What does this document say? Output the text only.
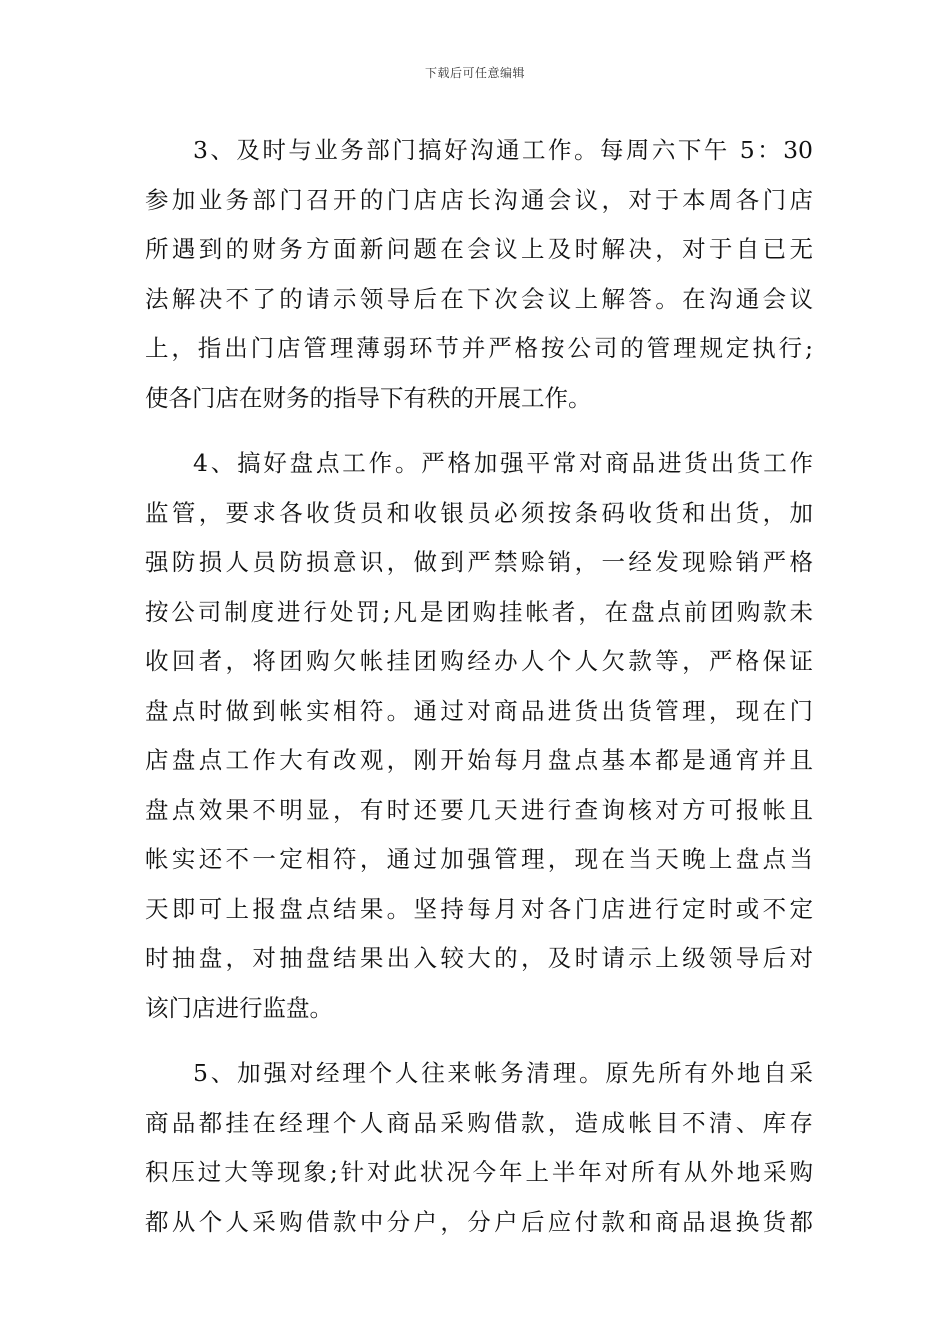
下载后可任意编辑
3、及时与业务部门搞好沟通工作。每周六下午 5：30
参加业务部门召开的门店店长沟通会议，对于本周各门店
所遇到的财务方面新问题在会议上及时解决，对于自已无
法解决不了的请示领导后在下次会议上解答。在沟通会议
上，指出门店管理薄弱环节并严格按公司的管理规定执行;
使各门店在财务的指导下有秩的开展工作。
4、搞好盘点工作。严格加强平常对商品进货出货工作
监管，要求各收货员和收银员必须按条码收货和出货，加
强防损人员防损意识，做到严禁赊销，一经发现赊销严格
按公司制度进行处罚;凡是团购挂帐者，在盘点前团购款未
收回者，将团购欠帐挂团购经办人个人欠款等，严格保证
盘点时做到帐实相符。通过对商品进货出货管理，现在门
店盘点工作大有改观，刚开始每月盘点基本都是通宵并且
盘点效果不明显，有时还要几天进行查询核对方可报帐且
帐实还不一定相符，通过加强管理，现在当天晚上盘点当
天即可上报盘点结果。坚持每月对各门店进行定时或不定
时抽盘，对抽盘结果出入较大的，及时请示上级领导后对
该门店进行监盘。
5、加强对经理个人往来帐务清理。原先所有外地自采
商品都挂在经理个人商品采购借款，造成帐目不清、库存
积压过大等现象;针对此状况今年上半年对所有从外地采购
都从个人采购借款中分户，分户后应付款和商品退换货都
